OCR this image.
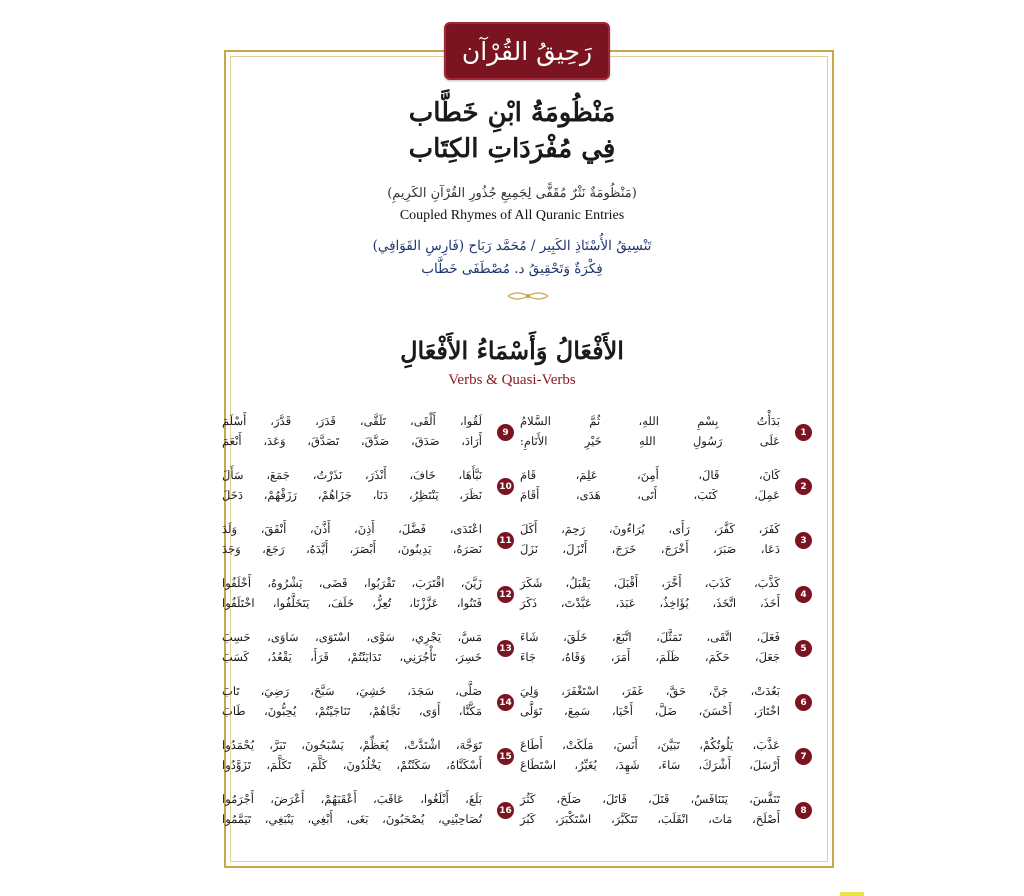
رَحِيقُ القُرْآن
مَنْظُومَةُ ابْنِ خَطَّاب
فِي مُفْرَدَاتِ الكِتَاب
(مَنْظُومَةٌ نَثْرٌ مُقَفًّى لِجَمِيعِ جُذُورِ القُرْآنِ الكَرِيمِ)
Coupled Rhymes of All Quranic Entries
تَنْسِيقُ الأُسْتَاذِ الكَبِير / مُحَمَّد رَبَاح (فَارِسِ القَوَافِي)
فِكْرَةٌ وَتَحْقِيقُ د. مُصْطَفَى خَطَّاب
الأَفْعَالُ وَأَسْمَاءُ الأَفْعَالِ
Verbs & Quasi-Verbs
1
بَدَأْتُ بِسْمِ اللهِ، ثُمَّ السَّلامُ
عَلَى رَسُولِ اللهِ خَيْرِ الأَنَامِ:
2
كَانَ، قَالَ، أَمِنَ، عَلِمَ، قَامَ
عَمِلَ، كَتَبَ، أَتَى، هَدَى، أَقَامَ
3
كَفَرَ، كَفَّرَ، رَأَى، يُرَاءُونَ، رَحِمَ، أَكَلَ
دَعَا، صَبَرَ، أَخْرَجَ، خَرَجَ، أَنْزَلَ، نَزَلَ
4
كَذَّبَ، كَذَبَ، أَخَّرَ، أَقْبَلَ، يَقْبَلُ، شَكَرَ
أَخَذَ، اتَّخَذَ، يُؤَاخِذُ، عَبَدَ، عَبَّدْتَ، ذَكَرَ
5
فَعَلَ، اتَّقَى، تَمَثَّلَ، اتَّبَعَ، خَلَقَ، شَاءَ
جَعَلَ، حَكَمَ، ظَلَمَ، أَمَرَ، وَقَاهُ، جَاءَ
6
بَعُدَتْ، جَنَّ، حَقَّ، غَفَرَ، اسْتَغْفَرَ، وَلِيَ
اخْتَارَ، أَحْسَنَ، ضَلَّ، أَحْيَا، سَمِعَ، تَوَلَّى
7
عَذَّبَ، يَلُوتُكُمْ، تَبَيَّنَ، أَنَسَ، مَلَكَتْ، أَطَاعَ
أَرْسَلَ، أَشْرَكَ، سَاءَ، شَهِدَ، يُغَيِّرُ، اسْتَطَاعَ
8
تَنَفَّسَ، يَتَنَافَسُ، قَتَلَ، قَاتَلَ، صَلَحَ، كَثُرَ
أَصْلَحَ، مَاتَ، انْقَلَبَ، تَتَكَبَّرَ، اسْتَكْبَرَ، كَبُرَ
9
لَقُوا، أَلْقَى، تَلَقَّى، قَدَرَ، قَدَّرَ، أَسْلَمَ
أَرَادَ، صَدَقَ، صَدَّقَ، تَصَدَّقَ، وَعَدَ، أَنْعَمَ
10
نَبَّأَهَا، خَافَ، أَنْذَرَ، نَذَرْتُ، جَمَعَ، سَأَلَ
نَظَرَ، يَنْتَظِرُ، دَنَا، جَزَاهُمْ، رَزَقْهُمْ، دَخَلَ
11
اعْتَدَى، فَضَّلَ، أَذِنَ، أَذَّنَ، أَنْفَقَ، وَلَدَ
نَصَرَهُ، يَدِينُونَ، أَبْصَرَ، أَيَّدَهُ، رَجَعَ، وَجَدَ
12
زَيَّنَ، اقْتَرَبَ، تَقْرَبُوا، قَضَى، يَشْرُوهُ، أَخْلَفُوا
فَتَنُوا، عَزَّزْنَا، تُعِزُّ، خَلَفَ، يَتَخَلَّفُوا، اخْتَلَفُوا
13
مَسَّ، يَجْرِي، سَوَّى، اسْتَوَى، سَاوَى، حَسِبَ
خَسِرَ، تَأْجُرَنِي، تَدَايَنْتُمْ، قَرَأَ، يَقْعُدُ، كَسَبَ
14
صَلَّى، سَجَدَ، خَشِيَ، سَبَّحَ، رَضِيَ، تَابَ
مَكَّنَّا، أَوَى، نَجَّاهُمْ، تَنَاجَيْتُمْ، يُحِبُّونَ، طَابَ
15
تَوَجَّهَ، اشْتَدَّتْ، يُعَظِّمْ، يَسْبَحُونَ، تَبَرَّ، يُحْمَدُوا
أَسْكَنَّاهُ، سَكَنْتُمْ، يَخْلُدُونَ، كَلَّمَ، تَكَلَّمَ، تَزَوَّدُوا
16
بَلَغَ، أَبْلَغُوا، عَاقَبَ، أَعْقَبَهُمْ، أَعْرَضَ، أَجْرَمُوا
تُصَاحِبْنِي، يُصْحَبُونَ، بَغَى، أَبْغِي، يَنْبَغِي، تَيَمَّمُوا
